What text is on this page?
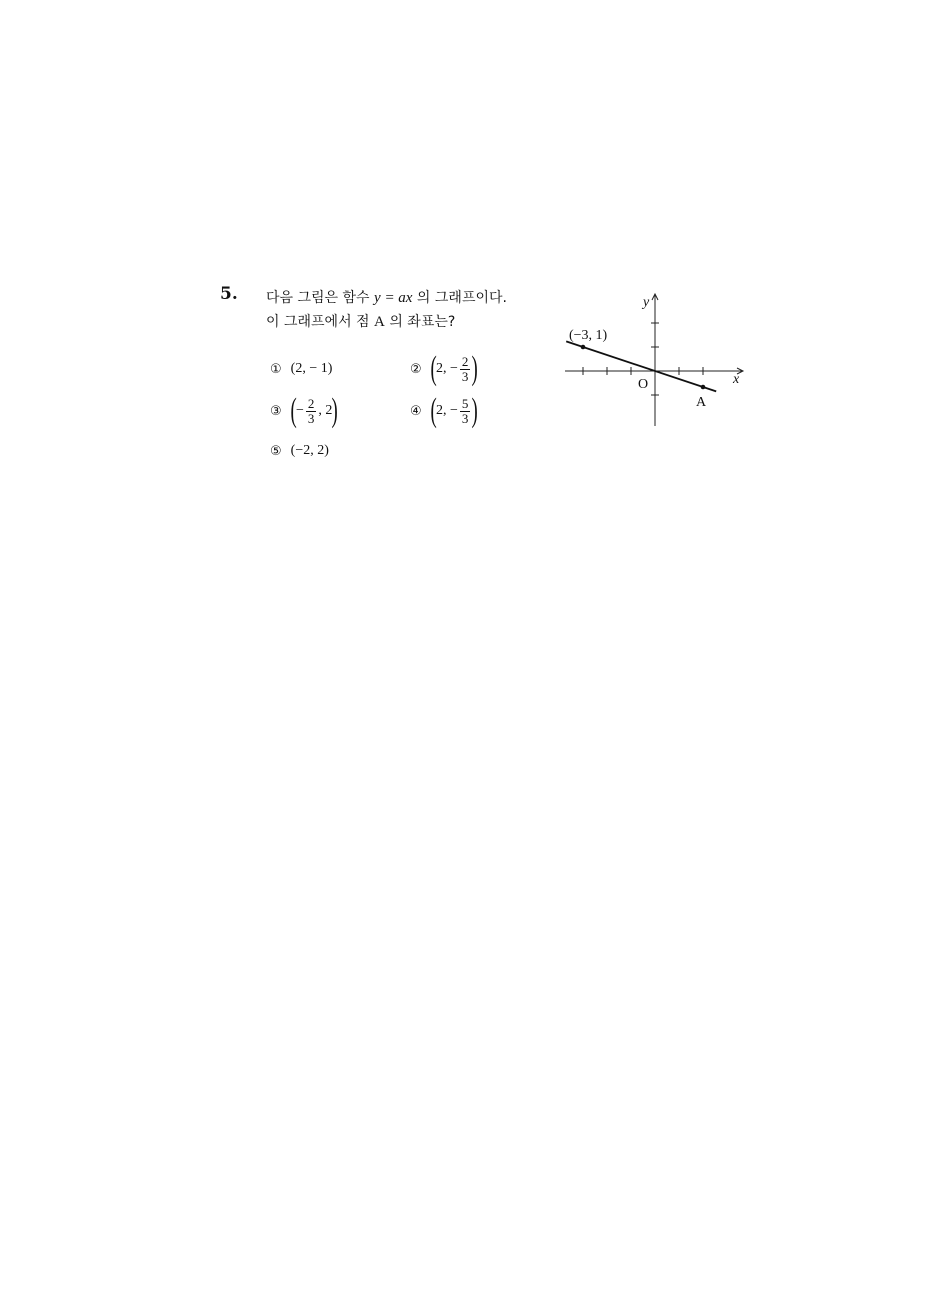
5. 다음 그림은 함수 y = ax 의 그래프이다.
이 그래프에서 점 A 의 좌표는?
① (2, − 1)	② ( 2, − $\frac{2}{3}$ )
③ ( − $\frac{2}{3}$ , 2 )	④ ( 2, − $\frac{5}{3}$ )
⑤ (−2, 2)
y
x
O
(−3, 1)
A
